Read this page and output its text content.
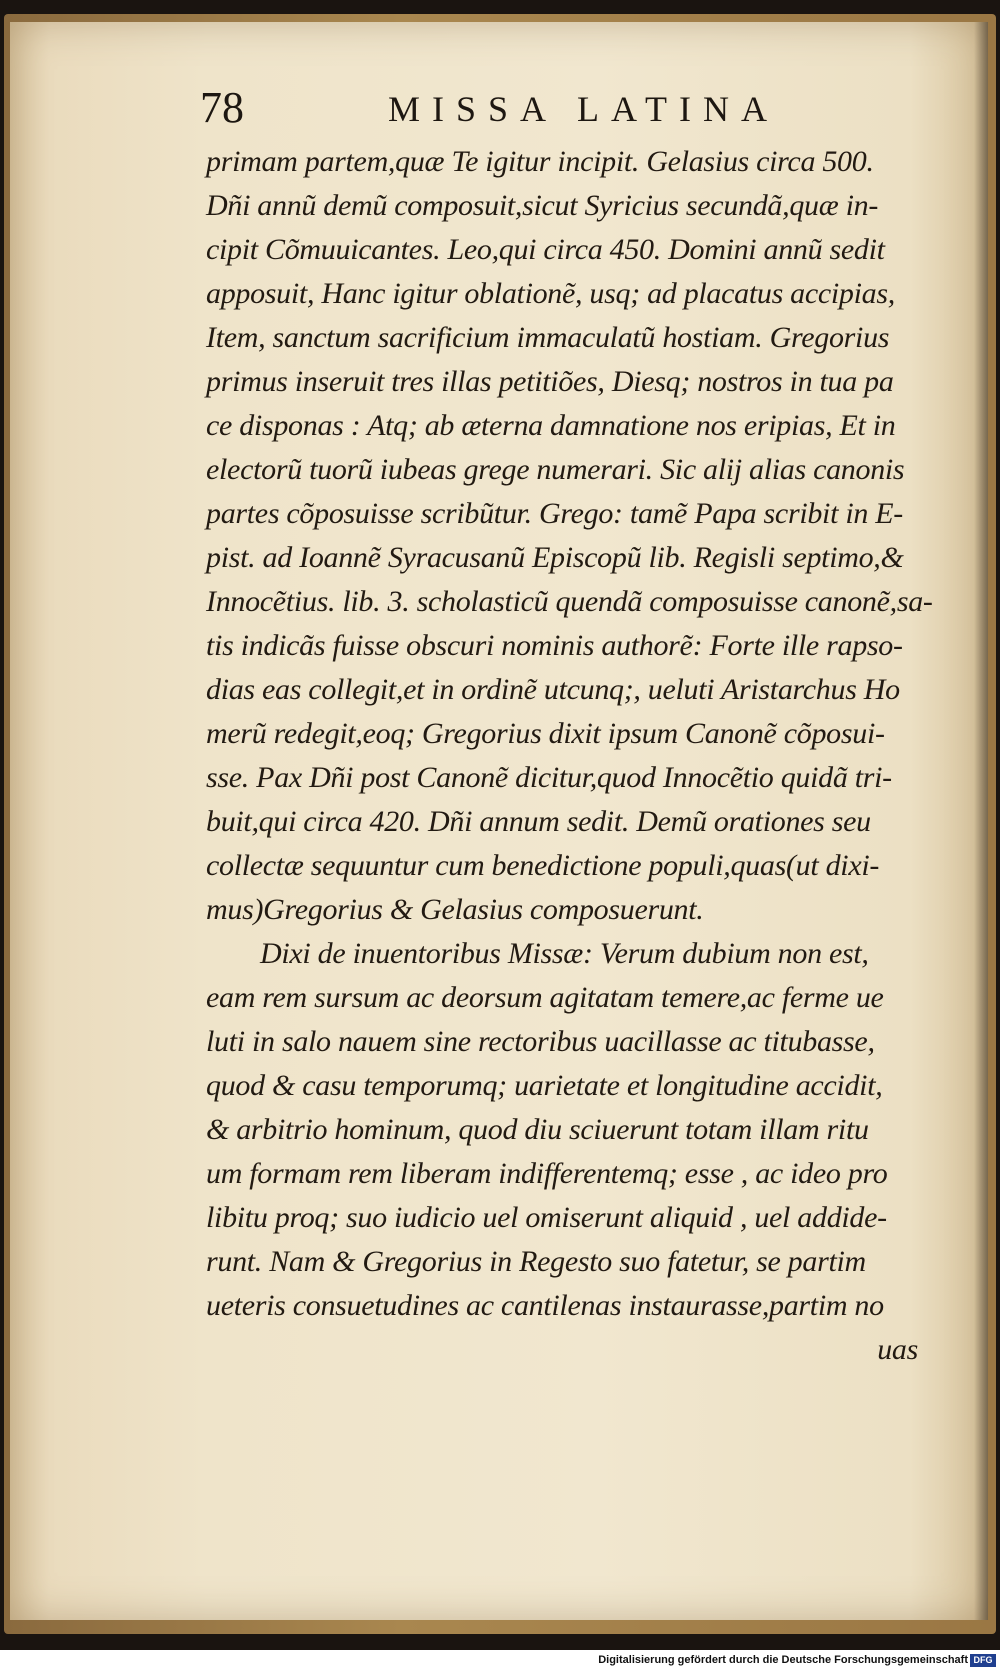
78	MISSA LATINA
primam partem,quæ Te igitur incipit. Gelasius circa 500.
Dñi annũ demũ composuit,sicut Syricius secundã,quæ in-
cipit Cõmuuicantes. Leo,qui circa 450. Domini annũ sedit
apposuit, Hanc igitur oblationẽ, usq; ad placatus accipias,
Item, sanctum sacrificium immaculatũ hostiam. Gregorius
primus inseruit tres illas petitiões, Diesq; nostros in tua pa
ce disponas : Atq; ab æterna damnatione nos eripias, Et in
electorũ tuorũ iubeas grege numerari. Sic alij alias canonis
partes cõposuisse scribũtur. Grego: tamẽ Papa scribit in E-
pist. ad Ioannẽ Syracusanũ Episcopũ lib. Regisli septimo,&
Innocẽtius. lib. 3. scholasticũ quendã composuisse canonẽ,sa-
tis indicãs fuisse obscuri nominis authorẽ: Forte ille rapso-
dias eas collegit,et in ordinẽ utcunq;, ueluti Aristarchus Ho
merũ redegit,eoq; Gregorius dixit ipsum Canonẽ cõposui-
sse. Pax Dñi post Canonẽ dicitur,quod Innocẽtio quidã tri-
buit,qui circa 420. Dñi annum sedit. Demũ orationes seu
collectæ sequuntur cum benedictione populi,quas(ut dixi-
mus)Gregorius & Gelasius composuerunt.
Dixi de inuentoribus Missæ: Verum dubium non est,
eam rem sursum ac deorsum agitatam temere,ac ferme ue
luti in salo nauem sine rectoribus uacillasse ac titubasse,
quod & casu temporumq; uarietate et longitudine accidit,
& arbitrio hominum, quod diu sciuerunt totam illam ritu
um formam rem liberam indifferentemq; esse , ac ideo pro
libitu proq; suo iudicio uel omiserunt aliquid , uel addide-
runt. Nam & Gregorius in Regesto suo fatetur, se partim
ueteris consuetudines ac cantilenas instaurasse,partim no
uas
Digitalisierung gefördert durch die Deutsche Forschungsgemeinschaft DFG
